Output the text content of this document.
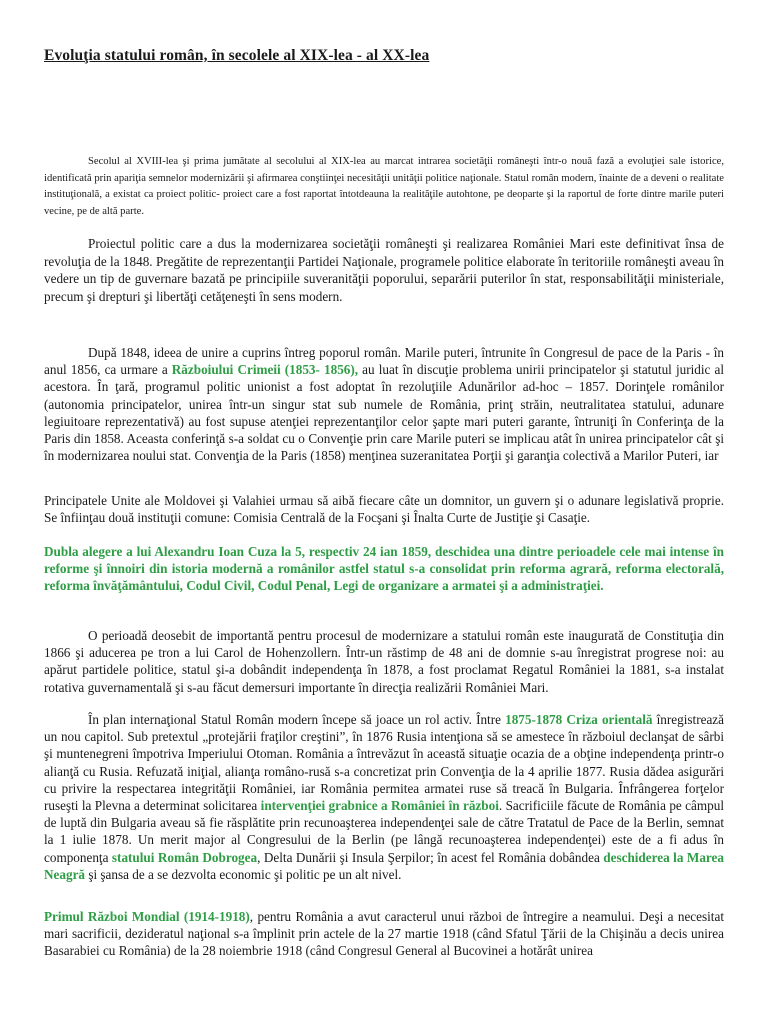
Evoluţia statului român, în secolele al XIX-lea - al XX-lea

Secolul al XVIII-lea şi prima jumătate al secolului al XIX-lea au marcat intrarea societăţii româneşti într-o nouă fază a evoluţiei sale istorice, identificată prin apariţia semnelor modernizării şi afirmarea conştiinţei necesităţii unităţii politice naţionale. Statul român modern, înainte de a deveni o realitate instituţională, a existat ca proiect politic- proiect care a fost raportat întotdeauna la realităţile autohtone, pe deoparte şi la raportul de forte dintre marile puteri vecine, pe de altă parte.

Proiectul politic care a dus la modernizarea societăţii româneşti şi realizarea României Mari este definitivat însa de revoluţia de la 1848. Pregătite de reprezentanţii Partidei Naţionale, programele politice elaborate în teritoriile româneşti aveau în vedere un tip de guvernare bazată pe principiile suveranităţii poporului, separării puterilor în stat, responsabilităţii ministeriale, precum şi drepturi şi libertăţi cetăţeneşti în sens modern.

După 1848, ideea de unire a cuprins întreg poporul român. Marile puteri, întrunite în Congresul de pace de la Paris - în anul 1856, ca urmare a Războiului Crimeii (1853- 1856), au luat în discuţie problema unirii principatelor şi statutul juridic al acestora. În ţară, programul politic unionist a fost adoptat în rezoluţiile Adunărilor ad-hoc – 1857. Dorinţele românilor (autonomia principatelor, unirea într-un singur stat sub numele de România, prinţ străin, neutralitatea statului, adunare legiuitoare reprezentativă) au fost supuse atenţiei reprezentanţilor celor şapte mari puteri garante, întruniţi în Conferinţa de la Paris din 1858. Aceasta conferinţă s-a soldat cu o Convenţie prin care Marile puteri se implicau atât în unirea principatelor cât şi în modernizarea noului stat. Convenţia de la Paris (1858) menţinea suzeranitatea Porţii şi garanţia colectivă a Marilor Puteri, iar

Principatele Unite ale Moldovei şi Valahiei urmau să aibă fiecare câte un domnitor, un guvern şi o adunare legislativă proprie. Se înfiinţau două instituţii comune: Comisia Centrală de la Focşani şi Înalta Curte de Justiţie şi Casaţie.

Dubla alegere a lui Alexandru Ioan Cuza la 5, respectiv 24 ian 1859, deschidea una dintre perioadele cele mai intense în reforme şi înnoiri din istoria modernă a românilor astfel statul s-a consolidat prin reforma agrară, reforma electorală, reforma învăţământului, Codul Civil, Codul Penal, Legi de organizare a armatei şi a administraţiei.

O perioadă deosebit de importantă pentru procesul de modernizare a statului român este inaugurată de Constituţia din 1866 şi aducerea pe tron a lui Carol de Hohenzollern. Într-un răstimp de 48 ani de domnie s-au înregistrat progrese noi: au apărut partidele politice, statul şi-a dobândit independenţa în 1878, a fost proclamat Regatul României la 1881, s-a instalat rotativa guvernamentală şi s-au făcut demersuri importante în direcţia realizării României Mari.

În plan internaţional Statul Român modern începe să joace un rol activ. Între 1875-1878 Criza orientală înregistrează un nou capitol. Sub pretextul „protejării fraţilor creştini”, în 1876 Rusia intenţiona să se amestece în războiul declanşat de sârbi şi muntenegreni împotriva Imperiului Otoman. România a întrevăzut în această situaţie ocazia de a obţine independenţa printr-o alianţă cu Rusia. Refuzată iniţial, alianţa româno-rusă s-a concretizat prin Convenţia de la 4 aprilie 1877. Rusia dădea asigurări cu privire la respectarea integrităţii României, iar România permitea armatei ruse să treacă în Bulgaria. Înfrângerea forţelor ruseşti la Plevna a determinat solicitarea intervenţiei grabnice a României în război. Sacrificiile făcute de România pe câmpul de luptă din Bulgaria aveau să fie răsplătite prin recunoaşterea independenţei sale de către Tratatul de Pace de la Berlin, semnat la 1 iulie 1878. Un merit major al Congresului de la Berlin (pe lângă recunoaşterea independenţei) este de a fi adus în componenţa statului Român Dobrogea, Delta Dunării şi Insula Şerpilor; în acest fel România dobândea deschiderea la Marea Neagră şi şansa de a se dezvolta economic şi politic pe un alt nivel.

Primul Război Mondial (1914-1918), pentru România a avut caracterul unui război de întregire a neamului. Deşi a necesitat mari sacrificii, dezideratul naţional s-a împlinit prin actele de la 27 martie 1918 (când Sfatul Ţării de la Chişinău a decis unirea Basarabiei cu România) de la 28 noiembrie 1918 (când Congresul General al Bucovinei a hotărât unirea
